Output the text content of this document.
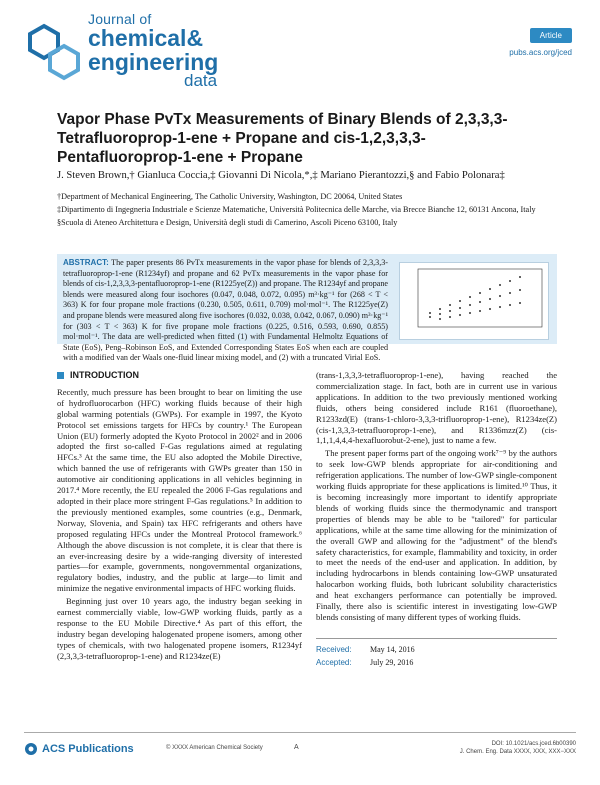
Journal of
chemical&
engineering
data
Article
pubs.acs.org/jced
Vapor Phase PvTx Measurements of Binary Blends of 2,3,3,3-Tetrafluoroprop-1-ene + Propane and cis-1,2,3,3,3-Pentafluoroprop-1-ene + Propane
J. Steven Brown,† Gianluca Coccia,‡ Giovanni Di Nicola,*,‡ Mariano Pierantozzi,§ and Fabio Polonara‡
†Department of Mechanical Engineering, The Catholic University, Washington, DC 20064, United States
‡Dipartimento di Ingegneria Industriale e Scienze Matematiche, Università Politecnica delle Marche, via Brecce Bianche 12, 60131 Ancona, Italy
§Scuola di Ateneo Architettura e Design, Università degli studi di Camerino, Ascoli Piceno 63100, Italy
ABSTRACT: The paper presents 86 PvTx measurements in the vapor phase for blends of 2,3,3,3-tetrafluoroprop-1-ene (R1234yf) and propane and 62 PvTx measurements in the vapor phase for blends of cis-1,2,3,3,3-pentafluoroprop-1-ene (R1225ye(Z)) and propane. The R1234yf and propane blends were measured along four isochores (0.047, 0.048, 0.072, 0.095) m³·kg⁻¹ for (268 < T < 363) K for four propane mole fractions (0.230, 0.505, 0.611, 0.709) mol·mol⁻¹. The R1225ye(Z) and propane blends were measured along five isochores (0.032, 0.038, 0.042, 0.067, 0.090) m³·kg⁻¹ for (303 < T < 363) K for five propane mole fractions (0.225, 0.516, 0.593, 0.690, 0.855) mol·mol⁻¹. The data are well-predicted when fitted (1) with Fundamental Helmoltz Equations of State (EoS), Peng–Robinson EoS, and Extended Corresponding States EoS when each are coupled with a modified van der Waals one-fluid linear mixing model, and (2) with a truncated Virial EoS.
INTRODUCTION

Recently, much pressure has been brought to bear on limiting the use of hydrofluorocarbon (HFC) working fluids because of their high global warming potentials (GWPs). For example in 1997, the Kyoto Protocol set emissions targets for HFCs by country.¹ The European Union (EU) formerly adopted the Kyoto Protocol in 2002² and in 2006 adopted the first so-called F-Gas regulations aimed at regulating HFCs.³ At the same time, the EU also adopted the Mobile Directive, which banned the use of refrigerants with GWPs greater than 150 in automotive air conditioning applications in all vehicles beginning in 2017.⁴ More recently, the EU repealed the 2006 F-Gas regulations and adopted in their place more stringent F-Gas regulations.⁵ In addition to the previously mentioned examples, some countries (e.g., Denmark, Norway, Slovenia, and Spain) tax HFC refrigerants and others have proposed regulating HFCs under the Montreal Protocol framework.⁶ Although the above discussion is not complete, it is clear that there is an ever-increasing desire by a wide-ranging diversity of interested parties—for example, governments, nongovernmental organizations, regulatory bodies, industry, and the public at large—to limit and minimize the negative environmental impacts of HFC working fluids.

Beginning just over 10 years ago, the industry began seeking in earnest commercially viable, low-GWP working fluids, partly as a response to the EU Mobile Directive.⁴ As part of this effort, the industry began developing halogenated propene isomers, among other types of chemicals, with two halogenated propene isomers, R1234yf (2,3,3,3-tetrafluoroprop-1-ene) and R1234ze(E)

(trans-1,3,3,3-tetrafluoroprop-1-ene), having reached the commercialization stage. In fact, both are in current use in various applications. In addition to the two previously mentioned working fluids, others being considered include R161 (fluoroethane), R1233zd(E) (trans-1-chloro-3,3,3-trifluoroprop-1-ene), R1234ze(Z) (cis-1,3,3,3-tetrafluoroprop-1-ene), and R1336mzz(Z) (cis-1,1,1,4,4,4-hexafluorobut-2-ene), just to name a few.

The present paper forms part of the ongoing work⁷⁻⁹ by the authors to seek low-GWP blends appropriate for air-conditioning and refrigeration applications. The number of low-GWP single-component working fluids appropriate for these applications is limited.¹⁰ Thus, it is becoming increasingly more important to identify appropriate blends of working fluids since the thermodynamic and transport properties of blends may be able to be "tailored" for particular applications, while at the same time allowing for the minimization of the overall GWP and allowing for the "adjustment" of the blend's safety characteristics, for example, flammability and toxicity, in order to meet the needs of the end-user and application. In addition, by including hydrocarbons in blends containing low-GWP unsaturated halocarbon working fluids, both lubricant solubility characteristics and heat exchangers performance can potentially be improved. Finally, there also is scientific interest in investigating low-GWP blends consisting of many different types of working fluids.

Received: May 14, 2016
Accepted: July 29, 2016
ACS Publications	© XXXX American Chemical Society	A	DOI: 10.1021/acs.jced.6b00390
J. Chem. Eng. Data XXXX, XXX, XXX−XXX
